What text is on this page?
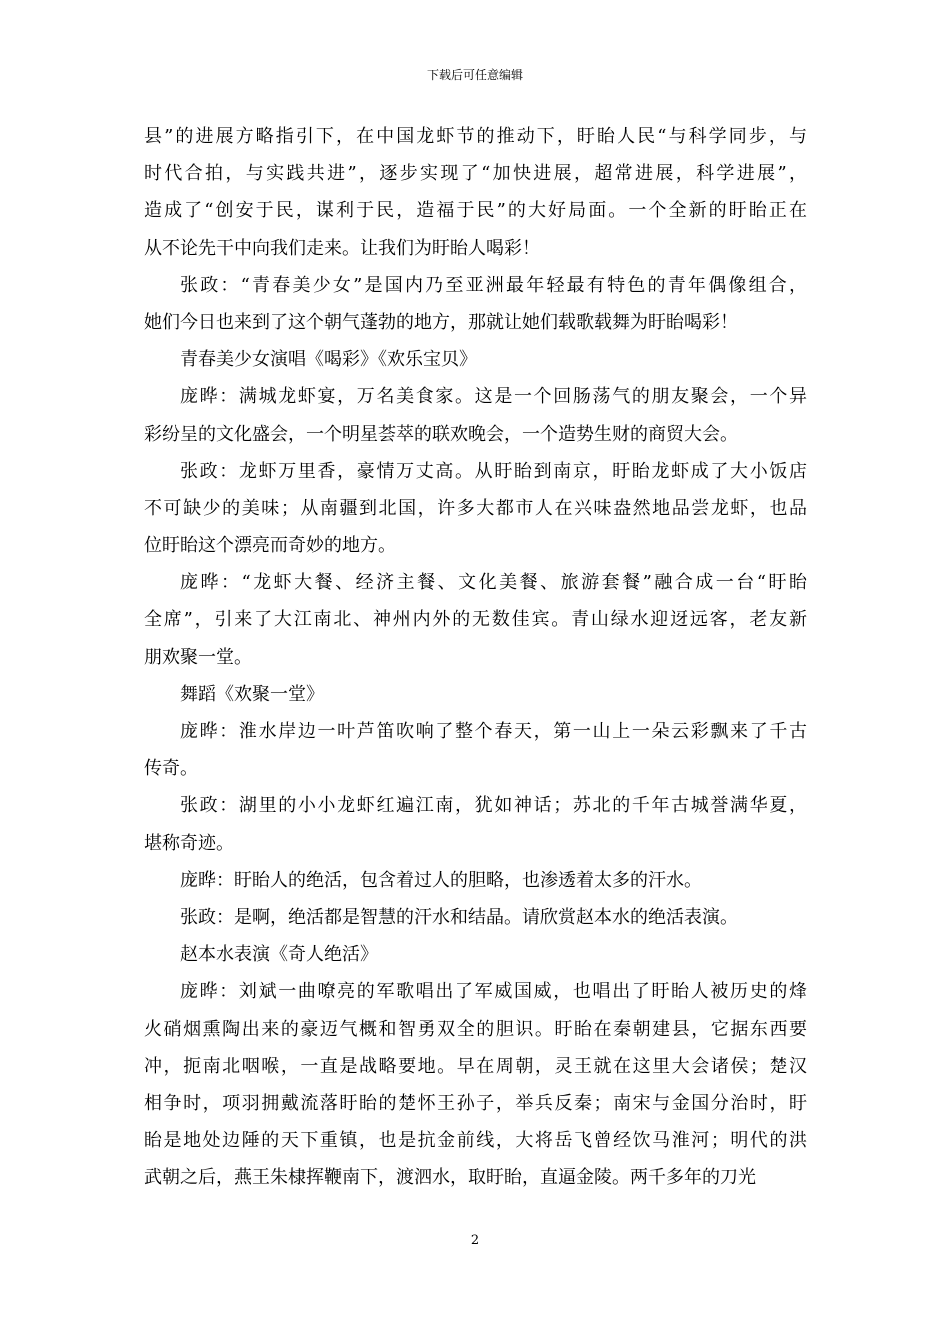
下载后可任意编辑
县”的进展方略指引下，在中国龙虾节的推动下，盱眙人民“与科学同步，与
时代合拍，与实践共进”，逐步实现了“加快进展，超常进展，科学进展”，
造成了“创安于民，谋利于民，造福于民”的大好局面。一个全新的盱眙正在
从不论先干中向我们走来。让我们为盱眙人喝彩！
张政：“青春美少女”是国内乃至亚洲最年轻最有特色的青年偶像组合，
她们今日也来到了这个朝气蓬勃的地方，那就让她们载歌载舞为盱眙喝彩！
青春美少女演唱《喝彩》《欢乐宝贝》
庞晔：满城龙虾宴，万名美食家。这是一个回肠荡气的朋友聚会，一个异
彩纷呈的文化盛会，一个明星荟萃的联欢晚会，一个造势生财的商贸大会。
张政：龙虾万里香，豪情万丈高。从盱眙到南京，盱眙龙虾成了大小饭店
不可缺少的美味；从南疆到北国，许多大都市人在兴味盎然地品尝龙虾，也品
位盱眙这个漂亮而奇妙的地方。
庞晔：“龙虾大餐、经济主餐、文化美餐、旅游套餐”融合成一台“盱眙
全席”，引来了大江南北、神州内外的无数佳宾。青山绿水迎迓远客，老友新
朋欢聚一堂。
舞蹈《欢聚一堂》
庞晔：淮水岸边一叶芦笛吹响了整个春天，第一山上一朵云彩飘来了千古
传奇。
张政：湖里的小小龙虾红遍江南，犹如神话；苏北的千年古城誉满华夏，
堪称奇迹。
庞晔：盱眙人的绝活，包含着过人的胆略，也渗透着太多的汗水。
张政：是啊，绝活都是智慧的汗水和结晶。请欣赏赵本水的绝活表演。
赵本水表演《奇人绝活》
庞晔：刘斌一曲嘹亮的军歌唱出了军威国威，也唱出了盱眙人被历史的烽
火硝烟熏陶出来的豪迈气概和智勇双全的胆识。盱眙在秦朝建县，它据东西要
冲，扼南北咽喉，一直是战略要地。早在周朝，灵王就在这里大会诸侯；楚汉
相争时，项羽拥戴流落盱眙的楚怀王孙子，举兵反秦；南宋与金国分治时，盱
眙是地处边陲的天下重镇，也是抗金前线，大将岳飞曾经饮马淮河；明代的洪
武朝之后，燕王朱棣挥鞭南下，渡泗水，取盱眙，直逼金陵。两千多年的刀光
2
